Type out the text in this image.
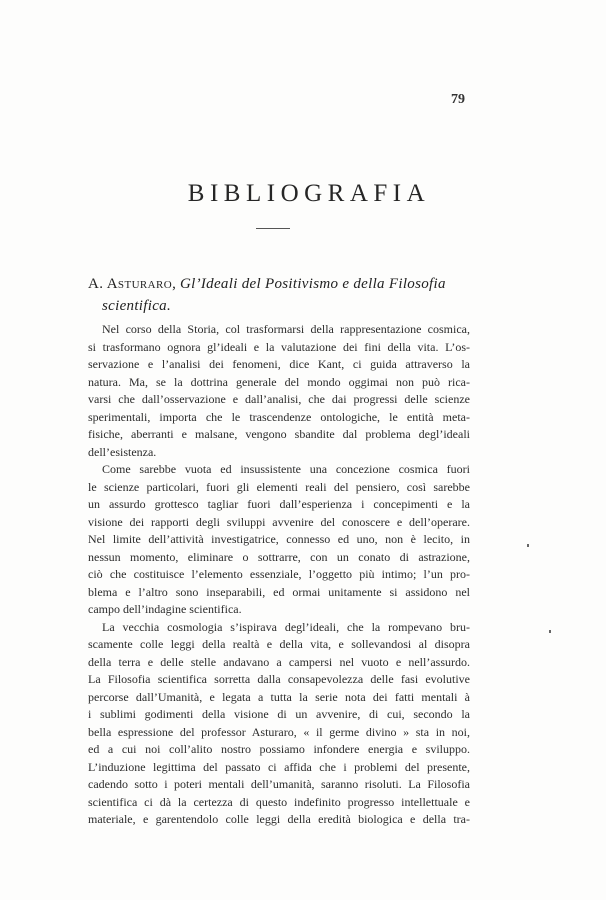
79
BIBLIOGRAFIA
A. Asturaro, Gl’Ideali del Positivismo e della Filosofia
scientifica.
Nel corso della Storia, col trasformarsi della rappresentazione cosmica,
si trasformano ognora gl’ideali e la valutazione dei fini della vita. L’os-
servazione e l’analisi dei fenomeni, dice Kant, ci guida attraverso la
natura. Ma, se la dottrina generale del mondo oggimai non può rica-
varsi che dall’osservazione e dall’analisi, che dai progressi delle scienze
sperimentali, importa che le trascendenze ontologiche, le entità meta-
fisiche, aberranti e malsane, vengono sbandite dal problema degl’ideali
dell’esistenza.
Come sarebbe vuota ed insussistente una concezione cosmica fuori
le scienze particolari, fuori gli elementi reali del pensiero, così sarebbe
un assurdo grottesco tagliar fuori dall’esperienza i concepimenti e la
visione dei rapporti degli sviluppi avvenire del conoscere e dell’operare.
Nel limite dell’attività investigatrice, connesso ed uno, non è lecito, in
nessun momento, eliminare o sottrarre, con un conato di astrazione,
ciò che costituisce l’elemento essenziale, l’oggetto più intimo; l’un pro-
blema e l’altro sono inseparabili, ed ormai unitamente si assidono nel
campo dell’indagine scientifica.
La vecchia cosmologia s’ispirava degl’ideali, che la rompevano bru-
scamente colle leggi della realtà e della vita, e sollevandosi al disopra
della terra e delle stelle andavano a campersi nel vuoto e nell’assurdo.
La Filosofia scientifica sorretta dalla consapevolezza delle fasi evolutive
percorse dall’Umanità, e legata a tutta la serie nota dei fatti mentali à
i sublimi godimenti della visione di un avvenire, di cui, secondo la
bella espressione del professor Asturaro, « il germe divino » sta in noi,
ed a cui noi coll’alito nostro possiamo infondere energia e sviluppo.
L’induzione legittima del passato ci affida che i problemi del presente,
cadendo sotto i poteri mentali dell’umanità, saranno risoluti. La Filosofia
scientifica ci dà la certezza di questo indefinito progresso intellettuale e
materiale, e garentendolo colle leggi della eredità biologica e della tra-
